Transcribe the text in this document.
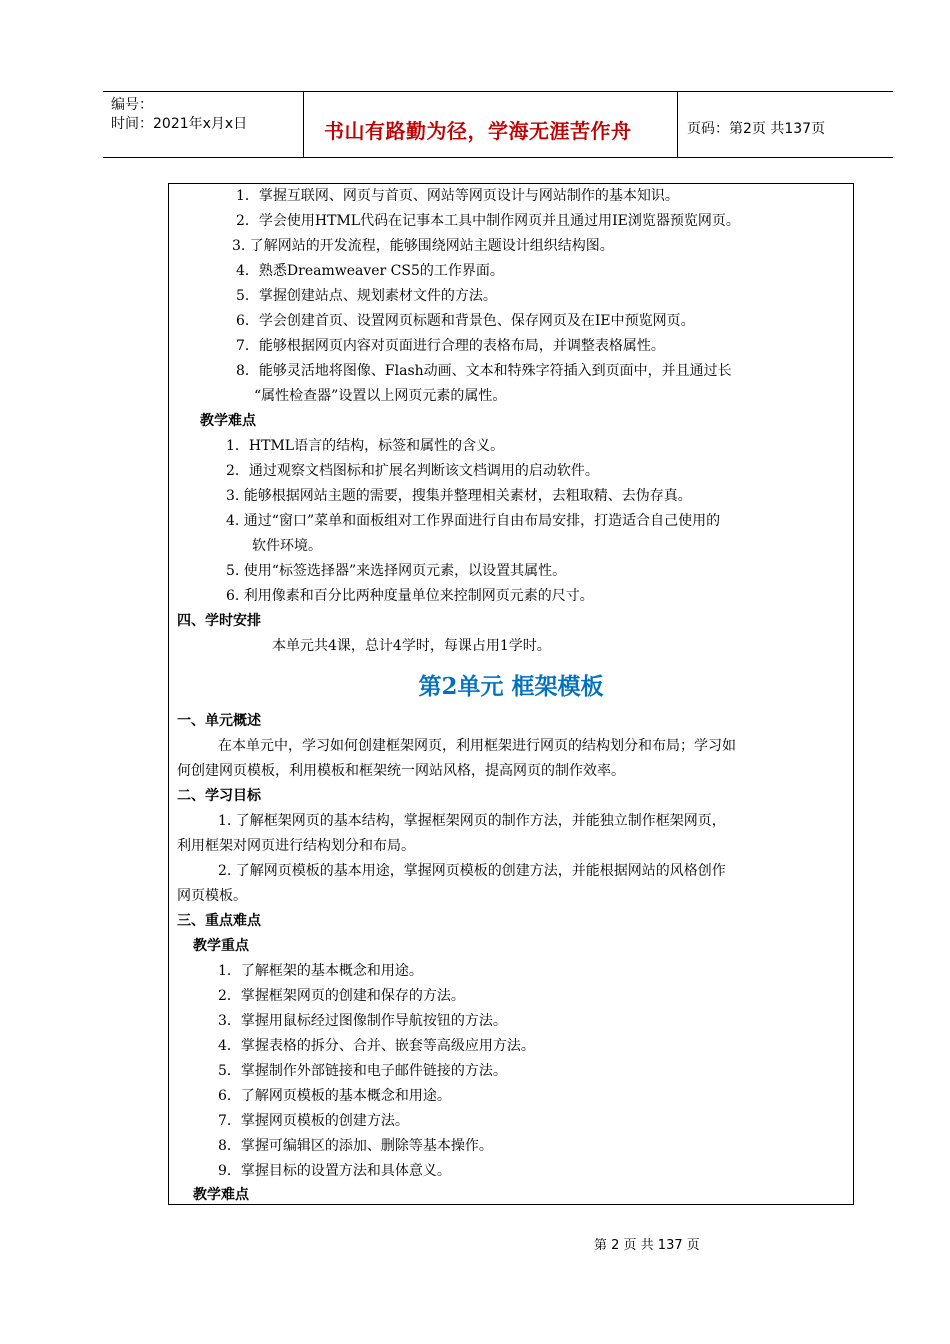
编号：
时间：2021年x月x日	书山有路勤为径，学海无涯苦作舟	页码：第2页 共137页
1．掌握互联网、网页与首页、网站等网页设计与网站制作的基本知识。
2．学会使用HTML代码在记事本工具中制作网页并且通过用IE浏览器预览网页。
3. 了解网站的开发流程，能够围绕网站主题设计组织结构图。
4．熟悉Dreamweaver CS5的工作界面。
5．掌握创建站点、规划素材文件的方法。
6．学会创建首页、设置网页标题和背景色、保存网页及在IE中预览网页。
7．能够根据网页内容对页面进行合理的表格布局，并调整表格属性。
8．能够灵活地将图像、Flash动画、文本和特殊字符插入到页面中，并且通过长
“属性检查器”设置以上网页元素的属性。
教学难点
1．HTML语言的结构，标签和属性的含义。
2．通过观察文档图标和扩展名判断该文档调用的启动软件。
3. 能够根据网站主题的需要，搜集并整理相关素材，去粗取精、去伪存真。
4. 通过“窗口”菜单和面板组对工作界面进行自由布局安排，打造适合自己使用的
软件环境。
5. 使用“标签选择器”来选择网页元素，以设置其属性。
6. 利用像素和百分比两种度量单位来控制网页元素的尺寸。
四、学时安排
本单元共4课，总计4学时，每课占用1学时。
第2单元 框架模板
一、单元概述
在本单元中，学习如何创建框架网页，利用框架进行网页的结构划分和布局；学习如
何创建网页模板，利用模板和框架统一网站风格，提高网页的制作效率。
二、学习目标
1. 了解框架网页的基本结构，掌握框架网页的制作方法，并能独立制作框架网页，
利用框架对网页进行结构划分和布局。
2. 了解网页模板的基本用途，掌握网页模板的创建方法，并能根据网站的风格创作
网页模板。
三、重点难点
教学重点
1．了解框架的基本概念和用途。
2．掌握框架网页的创建和保存的方法。
3．掌握用鼠标经过图像制作导航按钮的方法。
4．掌握表格的拆分、合并、嵌套等高级应用方法。
5．掌握制作外部链接和电子邮件链接的方法。
6．了解网页模板的基本概念和用途。
7．掌握网页模板的创建方法。
8．掌握可编辑区的添加、删除等基本操作。
9．掌握目标的设置方法和具体意义。
教学难点
第 2 页 共 137 页
